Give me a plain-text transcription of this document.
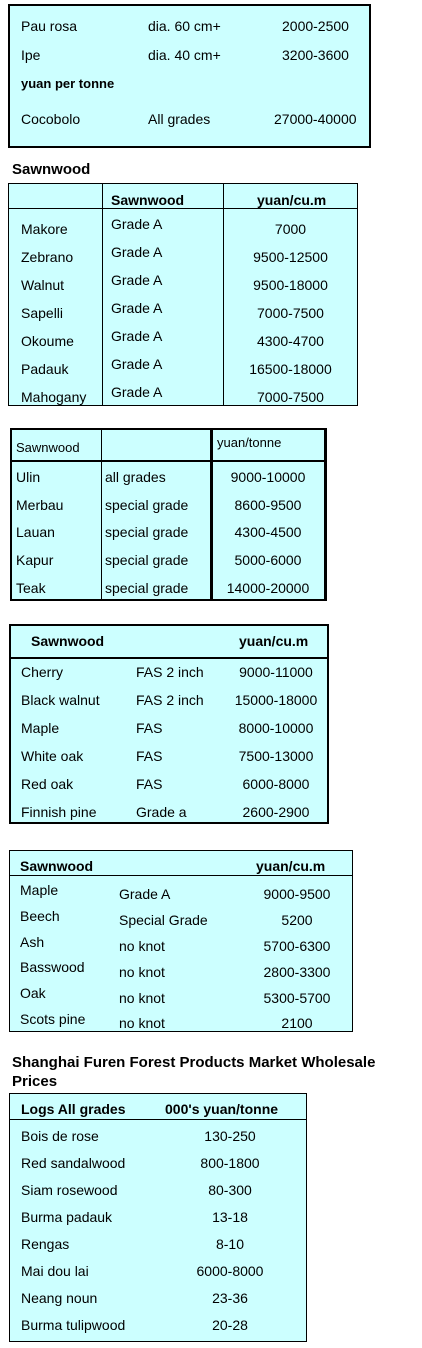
Pau rosa	dia. 60 cm+	2000-2500
Ipe	dia. 40 cm+	3200-3600
yuan per tonne
Cocobolo	All grades	27000-40000
Sawnwood
Sawnwood	yuan/cu.m
Makore	Grade A	7000
Zebrano	Grade A	9500-12500
Walnut	Grade A	9500-18000
Sapelli	Grade A	7000-7500
Okoume	Grade A	4300-4700
Padauk	Grade A	16500-18000
Mahogany Grade A	7000-7500
Sawnwood	yuan/tonne
Ulin	all grades	9000-10000
Merbau	special grade	8600-9500
Lauan	special grade	4300-4500
Kapur	special grade	5000-6000
Teak	special grade	14000-20000
Sawnwood	yuan/cu.m
Cherry	FAS 2 inch	9000-11000
Black walnut	FAS 2 inch	15000-18000
Maple	FAS	8000-10000
White oak	FAS	7500-13000
Red oak	FAS	6000-8000
Finnish pine	Grade a	2600-2900
Sawnwood	yuan/cu.m
Maple	Grade A	9000-9500
Beech	Special Grade	5200
Ash	no knot	5700-6300
Basswood no knot	2800-3300
Oak	no knot	5300-5700
Scots pine no knot	2100
Shanghai Furen Forest Products Market Wholesale
Prices
Logs All grades	000's yuan/tonne
Bois de rose	130-250
Red sandalwood	800-1800
Siam rosewood	80-300
Burma padauk	13-18
Rengas	8-10
Mai dou lai	6000-8000
Neang noun	23-36
Burma tulipwood	20-28
